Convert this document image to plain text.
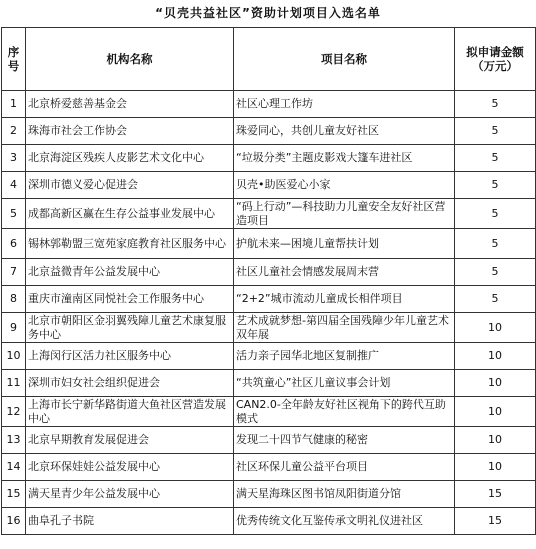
“贝壳共益社区”资助计划项目入选名单
序号	机构名称	项目名称	拟申请金额（万元）
1	北京桥爱慈善基金会	社区心理工作坊	5
2	珠海市社会工作协会	珠爱同心，共创儿童友好社区	5
3	北京海淀区残疾人皮影艺术文化中心	“垃圾分类”主题皮影戏大篷车进社区	5
4	深圳市德义爱心促进会	贝壳•助医爱心小家	5
5	成都高新区赢在生存公益事业发展中心	“码上行动”—科技助力儿童安全友好社区营造项目	5
6	锡林郭勒盟三宽苑家庭教育社区服务中心	护航未来—困境儿童帮扶计划	5
7	北京益微青年公益发展中心	社区儿童社会情感发展周末营	5
8	重庆市潼南区同悦社会工作服务中心	“2+2”城市流动儿童成长相伴项目	5
9	北京市朝阳区金羽翼残障儿童艺术康复服务中心	艺术成就梦想-第四届全国残障少年儿童艺术双年展	10
10	上海闵行区活力社区服务中心	活力亲子园华北地区复制推广	10
11	深圳市妇女社会组织促进会	“共筑童心”社区儿童议事会计划	10
12	上海市长宁新华路街道大鱼社区营造发展中心	CAN2.0-全年龄友好社区视角下的跨代互助模式	10
13	北京早期教育发展促进会	发现二十四节气健康的秘密	10
14	北京环保娃娃公益发展中心	社区环保儿童公益平台项目	10
15	满天星青少年公益发展中心	满天星海珠区图书馆凤阳街道分馆	15
16	曲阜孔子书院	优秀传统文化互鉴传承文明礼仪进社区	15
